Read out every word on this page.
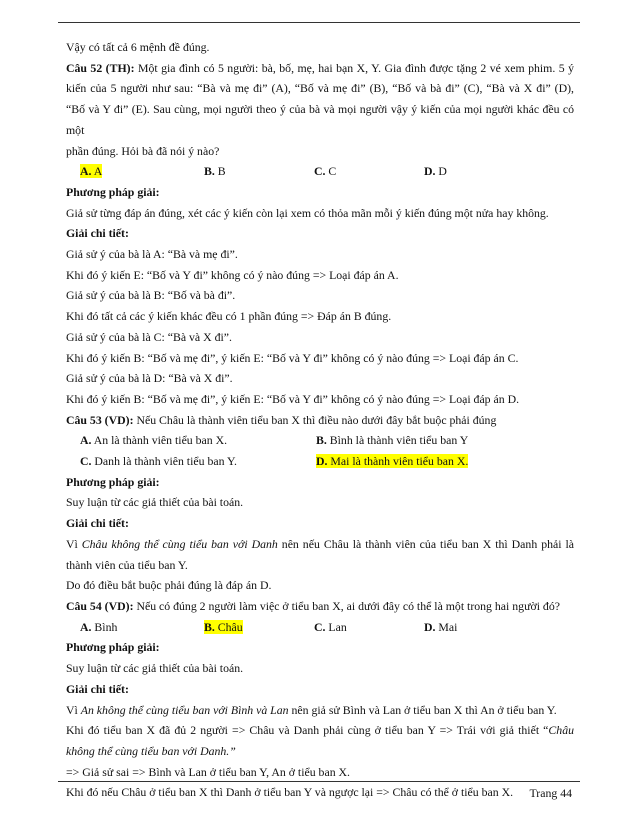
Vậy có tất cả 6 mệnh đề đúng.
Câu 52 (TH): Một gia đình có 5 người: bà, bố, mẹ, hai bạn X, Y. Gia đình được tặng 2 vé xem phim. 5 ý
kiến của 5 người như sau: “Bà và mẹ đi” (A), “Bố và mẹ đi” (B), “Bố và bà đi” (C), “Bà và X đi” (D),
“Bố và Y đi” (E). Sau cùng, mọi người theo ý của bà và mọi người vậy ý kiến của mọi người khác đều có một
phần đúng. Hỏi bà đã nói ý nào?
A. A	B. B	C. C	D. D
Phương pháp giải:
Giả sử từng đáp án đúng, xét các ý kiến còn lại xem có thỏa mãn mỗi ý kiến đúng một nửa hay không.
Giải chi tiết:
Giả sử ý của bà là A: “Bà và mẹ đi”.
Khi đó ý kiến E: “Bố và Y đi” không có ý nào đúng => Loại đáp án A.
Giả sử ý của bà là B: “Bố và bà đi”.
Khi đó tất cả các ý kiến khác đều có 1 phần đúng => Đáp án B đúng.
Giả sử ý của bà là C: “Bà và X đi”.
Khi đó ý kiến B: “Bố và mẹ đi”, ý kiến E: “Bố và Y đi” không có ý nào đúng => Loại đáp án C.
Giả sử ý của bà là D: “Bà và X đi”.
Khi đó ý kiến B: “Bố và mẹ đi”, ý kiến E: “Bố và Y đi” không có ý nào đúng => Loại đáp án D.
Câu 53 (VD): Nếu Châu là thành viên tiểu ban X thì điều nào dưới đây bắt buộc phải đúng
A. An là thành viên tiểu ban X.	B. Bình là thành viên tiểu ban Y
C. Danh là thành viên tiểu ban Y.	D. Mai là thành viên tiểu ban X.
Phương pháp giải:
Suy luận từ các giả thiết của bài toán.
Giải chi tiết:
Vì Châu không thể cùng tiểu ban với Danh nên nếu Châu là thành viên của tiểu ban X thì Danh phải là
thành viên của tiểu ban Y.
Do đó điều bắt buộc phải đúng là đáp án D.
Câu 54 (VD): Nếu có đúng 2 người làm việc ở tiểu ban X, ai dưới đây có thể là một trong hai người đó?
A. Bình	B. Châu	C. Lan	D. Mai
Phương pháp giải:
Suy luận từ các giả thiết của bài toán.
Giải chi tiết:
Vì An không thể cùng tiểu ban với Bình và Lan nên giả sử Bình và Lan ở tiểu ban X thì An ở tiểu ban Y.
Khi đó tiểu ban X đã đủ 2 người => Châu và Danh phải cùng ở tiểu ban Y => Trái với giả thiết “Châu
không thể cùng tiểu ban với Danh.”
=> Giả sử sai => Bình và Lan ở tiểu ban Y, An ở tiểu ban X.
Khi đó nếu Châu ở tiểu ban X thì Danh ở tiểu ban Y và ngược lại => Châu có thể ở tiểu ban X.	Trang 44
